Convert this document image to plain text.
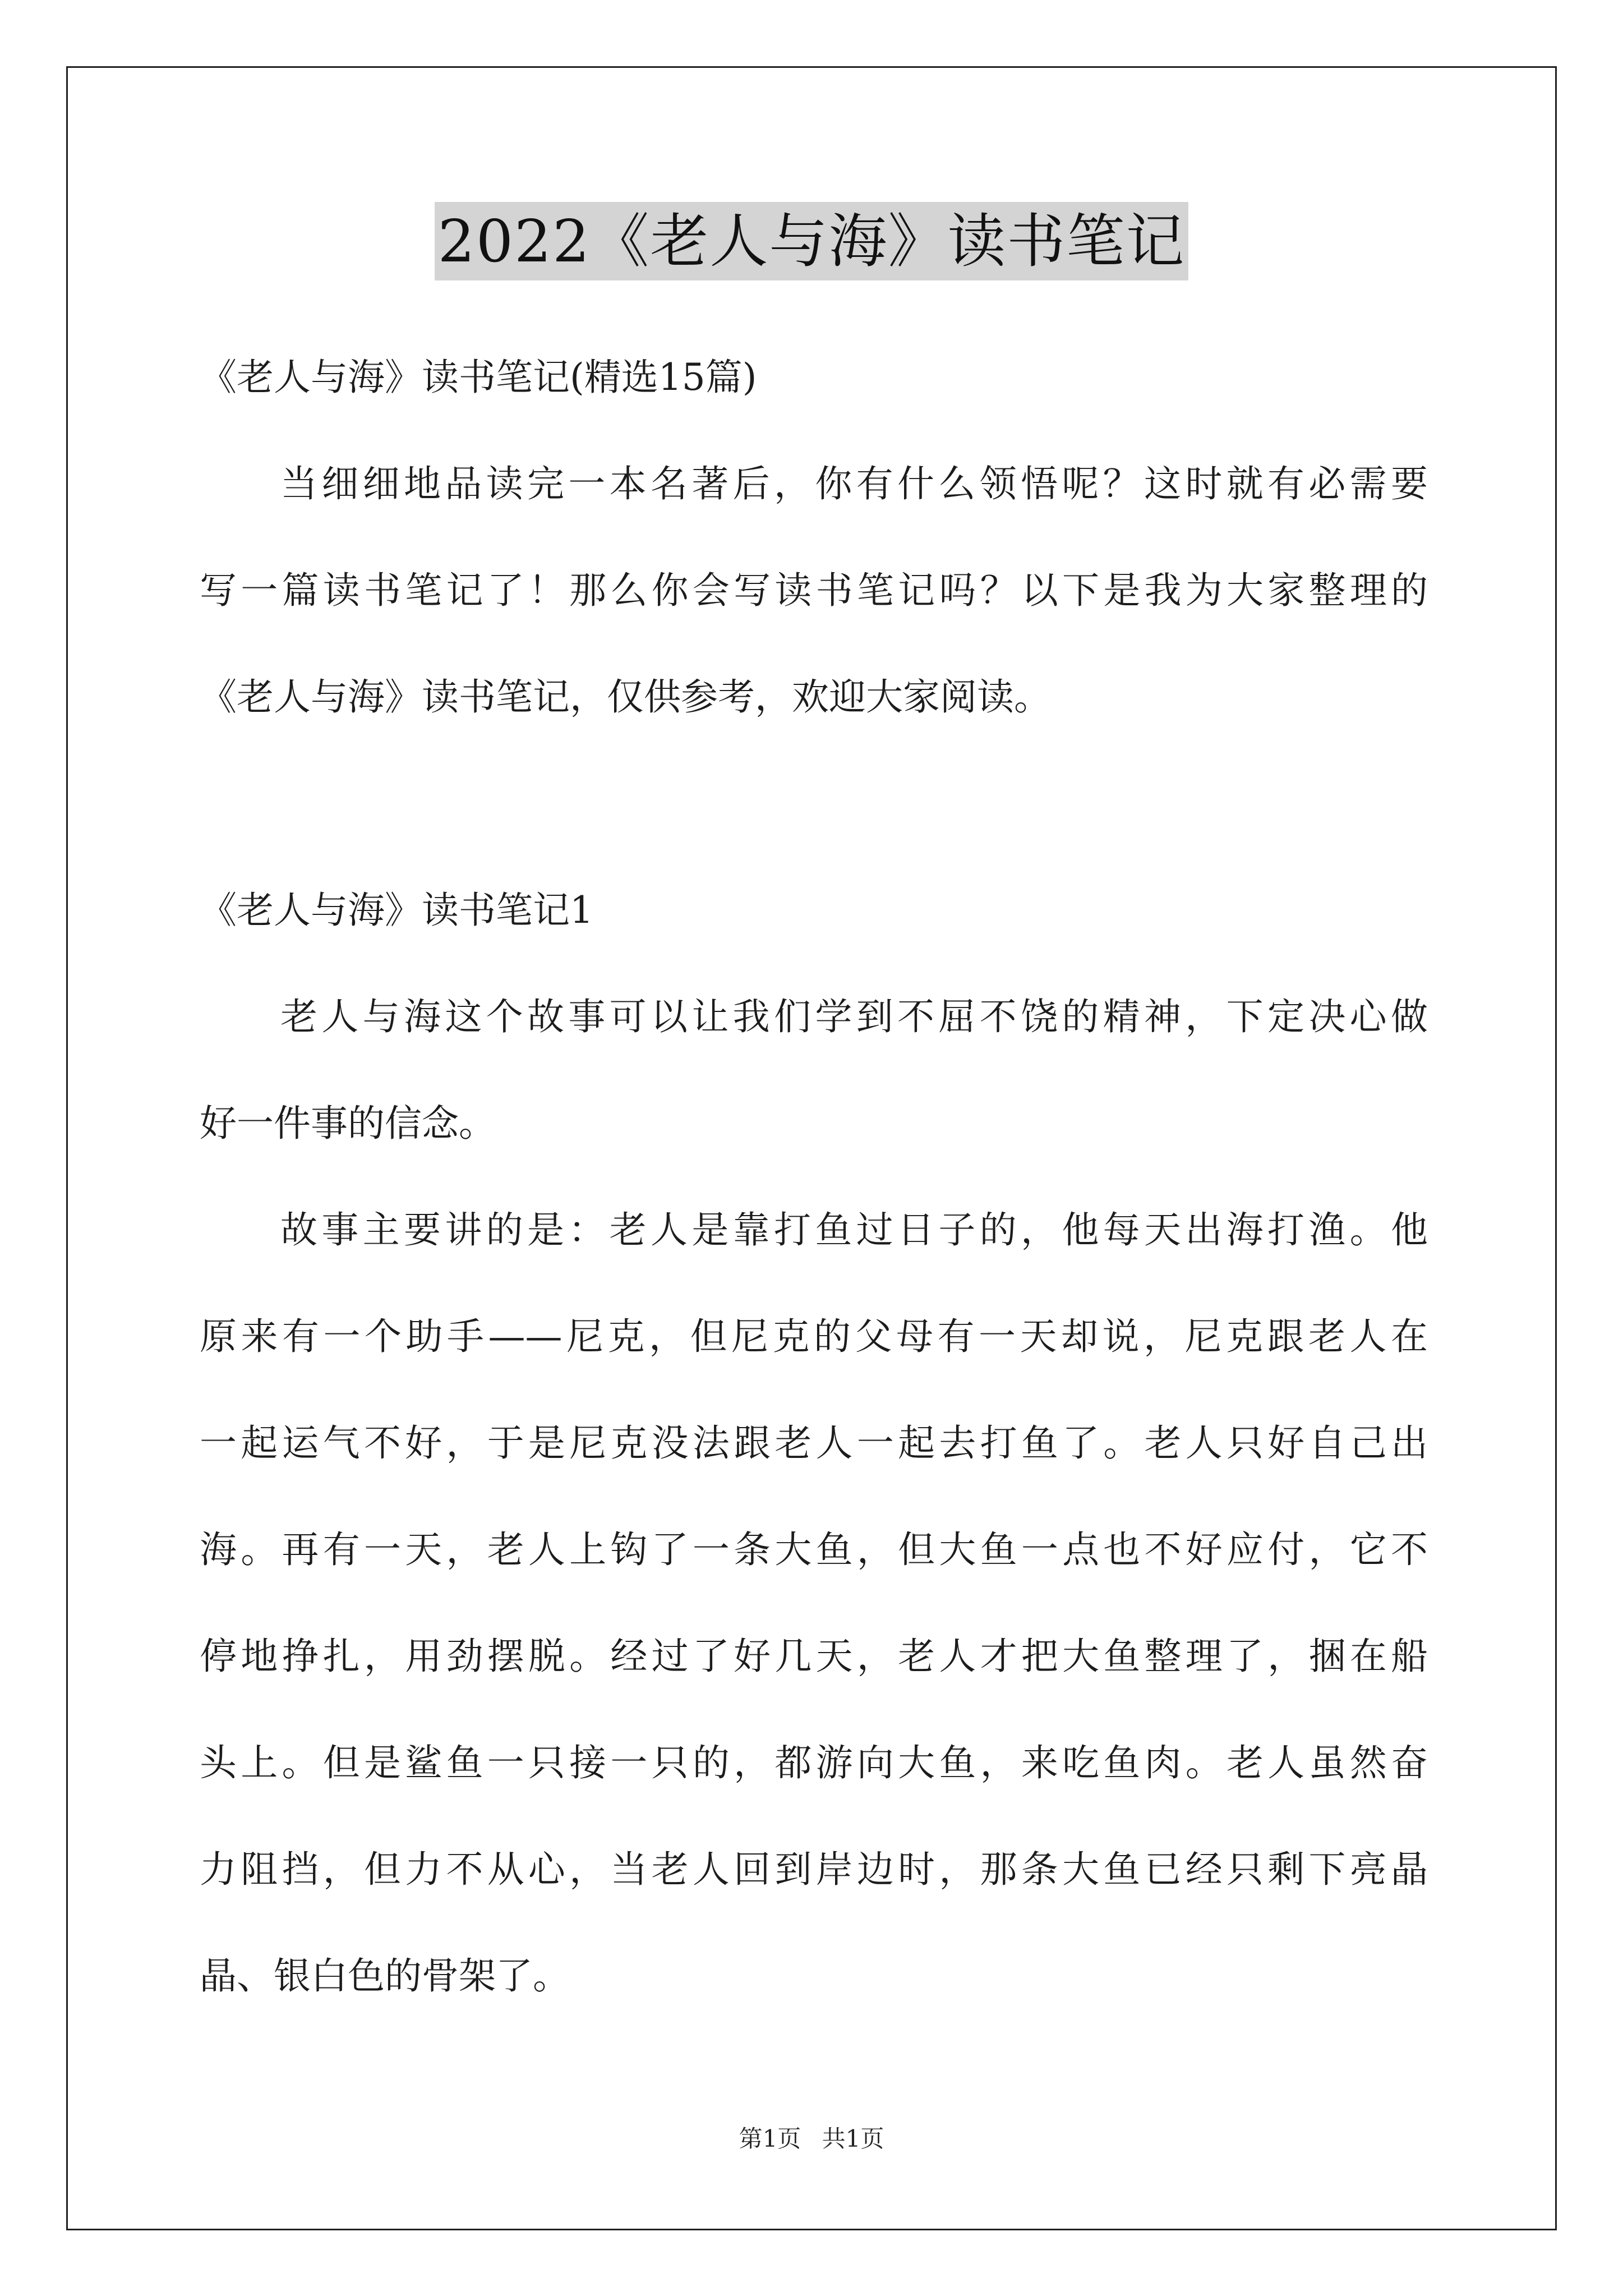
2022《老人与海》读书笔记
《老人与海》读书笔记(精选15篇)
当细细地品读完一本名著后，你有什么领悟呢？这时就有必需要
写一篇读书笔记了！那么你会写读书笔记吗？以下是我为大家整理的
《老人与海》读书笔记，仅供参考，欢迎大家阅读。
《老人与海》读书笔记1
老人与海这个故事可以让我们学到不屈不饶的精神，下定决心做
好一件事的信念。
故事主要讲的是：老人是靠打鱼过日子的，他每天出海打渔。他
原来有一个助手——尼克，但尼克的父母有一天却说，尼克跟老人在
一起运气不好，于是尼克没法跟老人一起去打鱼了。老人只好自己出
海。再有一天，老人上钩了一条大鱼，但大鱼一点也不好应付，它不
停地挣扎，用劲摆脱。经过了好几天，老人才把大鱼整理了，捆在船
头上。但是鲨鱼一只接一只的，都游向大鱼，来吃鱼肉。老人虽然奋
力阻挡，但力不从心，当老人回到岸边时，那条大鱼已经只剩下亮晶
晶、银白色的骨架了。
第1页 共1页
